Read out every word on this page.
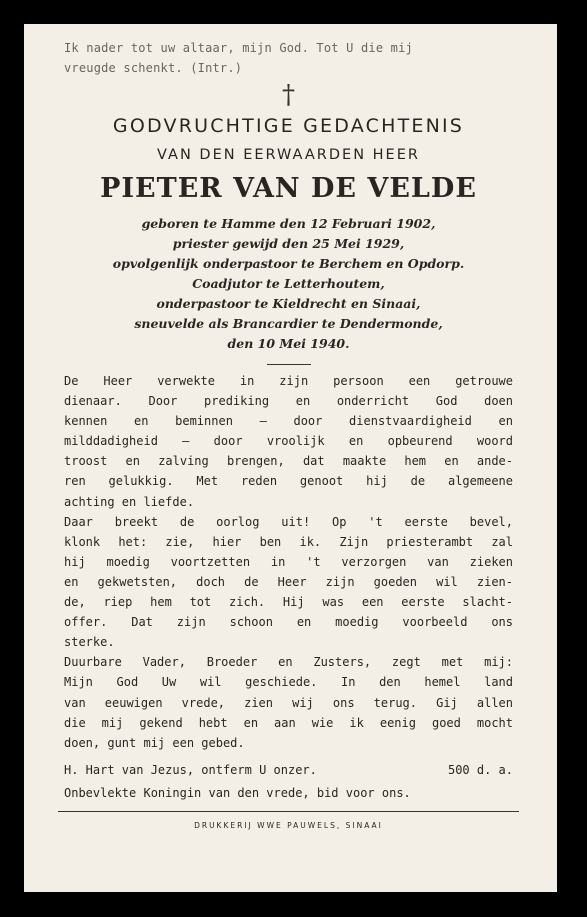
Ik nader tot uw altaar, mijn God. Tot U die mij
vreugde schenkt. (Intr.)
†
GODVRUCHTIGE GEDACHTENIS
VAN DEN EERWAARDEN HEER
PIETER VAN DE VELDE
geboren te Hamme den 12 Februari 1902,
priester gewijd den 25 Mei 1929,
opvolgenlijk onderpastoor te Berchem en Opdorp.
Coadjutor te Letterhoutem,
onderpastoor te Kieldrecht en Sinaai,
sneuvelde als Brancardier te Dendermonde,
den 10 Mei 1940.
De Heer verwekte in zijn persoon een getrouwe
dienaar. Door prediking en onderricht God doen
kennen en beminnen — door dienstvaardigheid en
milddadigheid — door vroolijk en opbeurend woord
troost en zalving brengen, dat maakte hem en ande-
ren gelukkig. Met reden genoot hij de algemeene
achting en liefde.
Daar breekt de oorlog uit! Op 't eerste bevel,
klonk het: zie, hier ben ik. Zijn priesterambt zal
hij moedig voortzetten in 't verzorgen van zieken
en gekwetsten, doch de Heer zijn goeden wil zien-
de, riep hem tot zich. Hij was een eerste slacht-
offer. Dat zijn schoon en moedig voorbeeld ons
sterke.
Duurbare Vader, Broeder en Zusters, zegt met mij:
Mijn God Uw wil geschiede. In den hemel land
van eeuwigen vrede, zien wij ons terug. Gij allen
die mij gekend hebt en aan wie ik eenig goed mocht
doen, gunt mij een gebed.
H. Hart van Jezus, ontferm U onzer.	500 d. a.
Onbevlekte Koningin van den vrede, bid voor ons.
DRUKKERIJ WWE PAUWELS, SINAAI
